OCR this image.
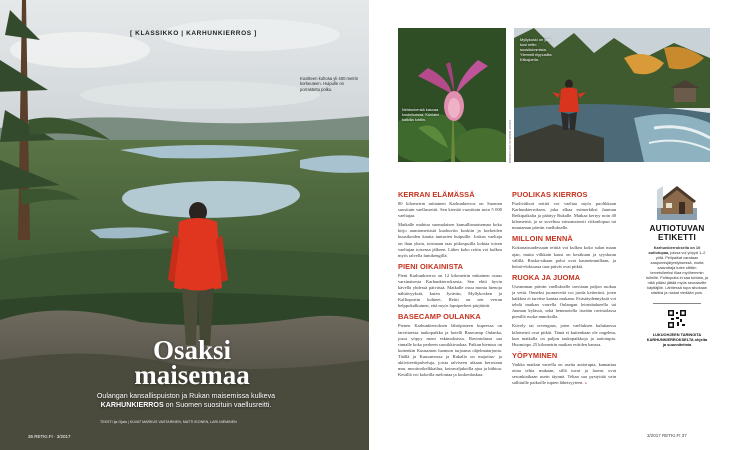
[ KLASSIKKO | KARHUNKIERROS ]
Kuvitteen kohosa yli 400 metrin korkeuteen. Huipulle on porrastettu polku.
Osaksi maisemaa
Oulangan kansallispuiston ja Rukan maisemissa kulkeva KARHUNKIERROS on Suomen suosituin vaellusreitti.
TEKSTI Ija Ojala | KUVAT MARKUS VASTARINEN, MATTI IEONEN, LARI NIEMINEN
36 RETKI.FI · 3/2017
Neidonkenkä kasvaa kosteikoissa. Kunlaini kaikilla luhtiin.
KUVAT: MARKUS VASTARINEN
Myllykoski on yksi kosi reitin suosituimmista. Ylemmit riippusilta Kitkajoella.
KERRAN ELÄMÄSSÄ

80 kilometrin mittainen Karhunkierros on Suomen suosituin vaellusreitti. Sen kiertää vuosittain noin 5 000 vaeltajaa.

Matkalle mahtuu suomalaisen kansallismaiseman koko kirjo aarniometsistä kuohuviin koskiin ja korkeiden kuusikoiden kautta tunturien huipuille. Joskus vaeltaja on ihan yksin, toisinaan taas pitkospuilla kohtaa toisen vaeltajan toisensa jälkeen. Lähes koko reitin voi kulkea myös talvella lumikengillä.

PIENI OIKAINISTA

Pieni Karhunkierros on 12 kilometrin mittainen osuus varsinaisesta Karhunkierroksesta. Sen ehtii hyvin kävellä yhdessä päivässä. Matkalle osuu monia hienoja nähtävyyksiä, kuten Jyrävän, Myllykosken ja Kallioportin kohteet. Reitti on sen verran helppokulkuinen, että myös lapsiperheet pärjäävät.

BASECAMP OULANKA

Pienen Karhunkierroksen lähtöpisteen kupeessa on tarvittaessa taukopaikka ja hotelli Basecamp Oulanka, jossa yöpyy moni eskimoksissa. Ravintolassa saa rinnalle koko perheen suosikkiruokaa. Paikan hienous on kuitenkin Kuusamon luonnon tarjoama ohjelmatarjonta. Täällä ja Kuusamossa ja Rukalla on majoitus- ja aktiviteettipalveluja, joista talviseen aikaan kerrotaan mm. moottorikelkkailua, koiravaljakoilla ajoa ja hiihtoa. Kesällä voi kokeilla melontaa ja koskenlaskua.

PUOLIKAS KIERROS

Puolivälissä reittiä voi vaeltaa myös puolikkaan Karhunkierroksen, joka alkaa esimerkiksi Juuman Retkipaikalta ja päättyy Rukalle. Matkaa kertyy noin 40 kilometriä, ja se soveltuu erinomaisesti viikonlopun tai muutaman päivän vaellukselle.

MILLOIN MENNÄ

Kokonaisuudessaan reittiä voi kulkea koko sulan maan ajan, mutta vilkkain kausi on kesäkuun ja syyskuun välillä. Ruska-aikaan polut ovat kauneimmillaan, ja heinä-elokuussa taas päivät ovat pitkiä.

RUOKA JA JUOMA

Useamman päivän vaellukselle tarvitaan paljon ruokaa ja vettä. Onneksi juomavettä voi juoda ketterästi, joten kaikkea ei tarvitse kantaa mukana. Evästäydennyksiä voi tehdä matkan varrella Oulangan leirintäalueella tai Juuman kylässä, sekä hemmotella itseään ravintolassa pienillä ruoka-annoksilla.

Kiively tai orvengaus, joten vaelluksen kuluttaessa kilometrit ovat pitkät. Tämä ei kuitenkaan ole ongelma, kun matkalla on paljon taukopaikkoja ja autiotupia. Huomiopo 25 kilometrin matkan eväiden kanssa.

YÖPYMINEN

Vaikka matkan varrella on useita autiotupia, kannattaa ottaa teltta mukaan, sillä tuvat ja laavut ovat sesonkiaikaan usein täynnä. Teltan saa pystyttää vain sallituille paikoille tupien läheisyyteen. »

AUTIOTUVAN ETIKETTI

Karhunkierroksella on 10 autiotupaa, joissa voi yöpyä 1–2 yötä. Pelipaikat varataan saapumisjärjestyksessä, mutta saavuttaja tulee siltikin tervetulleeksi tilaa myöhemmin tulleille. Polttopuita ei saa tuhlata, ja niitä pitäisi jättää myös seuraaville käyttäjille. Lähtiessä tupa siivotaan siistiksi ja roskat viedään pois.

LUKUOHJEEN TARINOITA KARHUNKIERROKSELTA ohjeita ja suunnitelmia
3/2017 RETKI.FI 37
